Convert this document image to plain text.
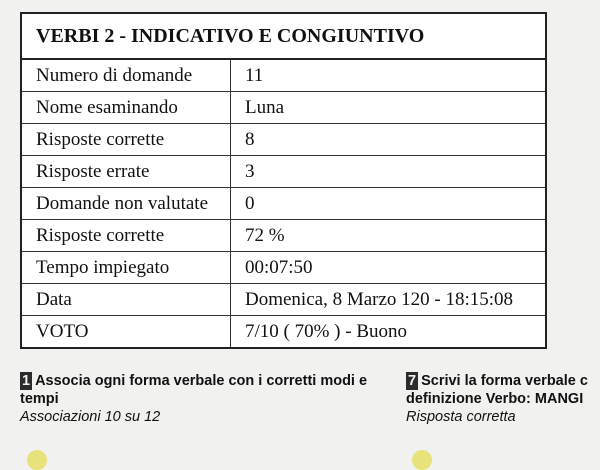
VERBI 2 - INDICATIVO E CONGIUNTIVO	
Numero di domande	11
Nome esaminando	Luna
Risposte corrette	8
Risposte errate	3
Domande non valutate	0
Risposte corrette	72 %
Tempo impiegato	00:07:50
Data	Domenica, 8 Marzo 120 - 18:15:08
VOTO	7/10 ( 70% ) - Buono
1 Associa ogni forma verbale con i corretti modi e tempi
Associazioni 10 su 12
7 Scrivi la forma verbale c definizione Verbo: MANGI
Risposta corretta
